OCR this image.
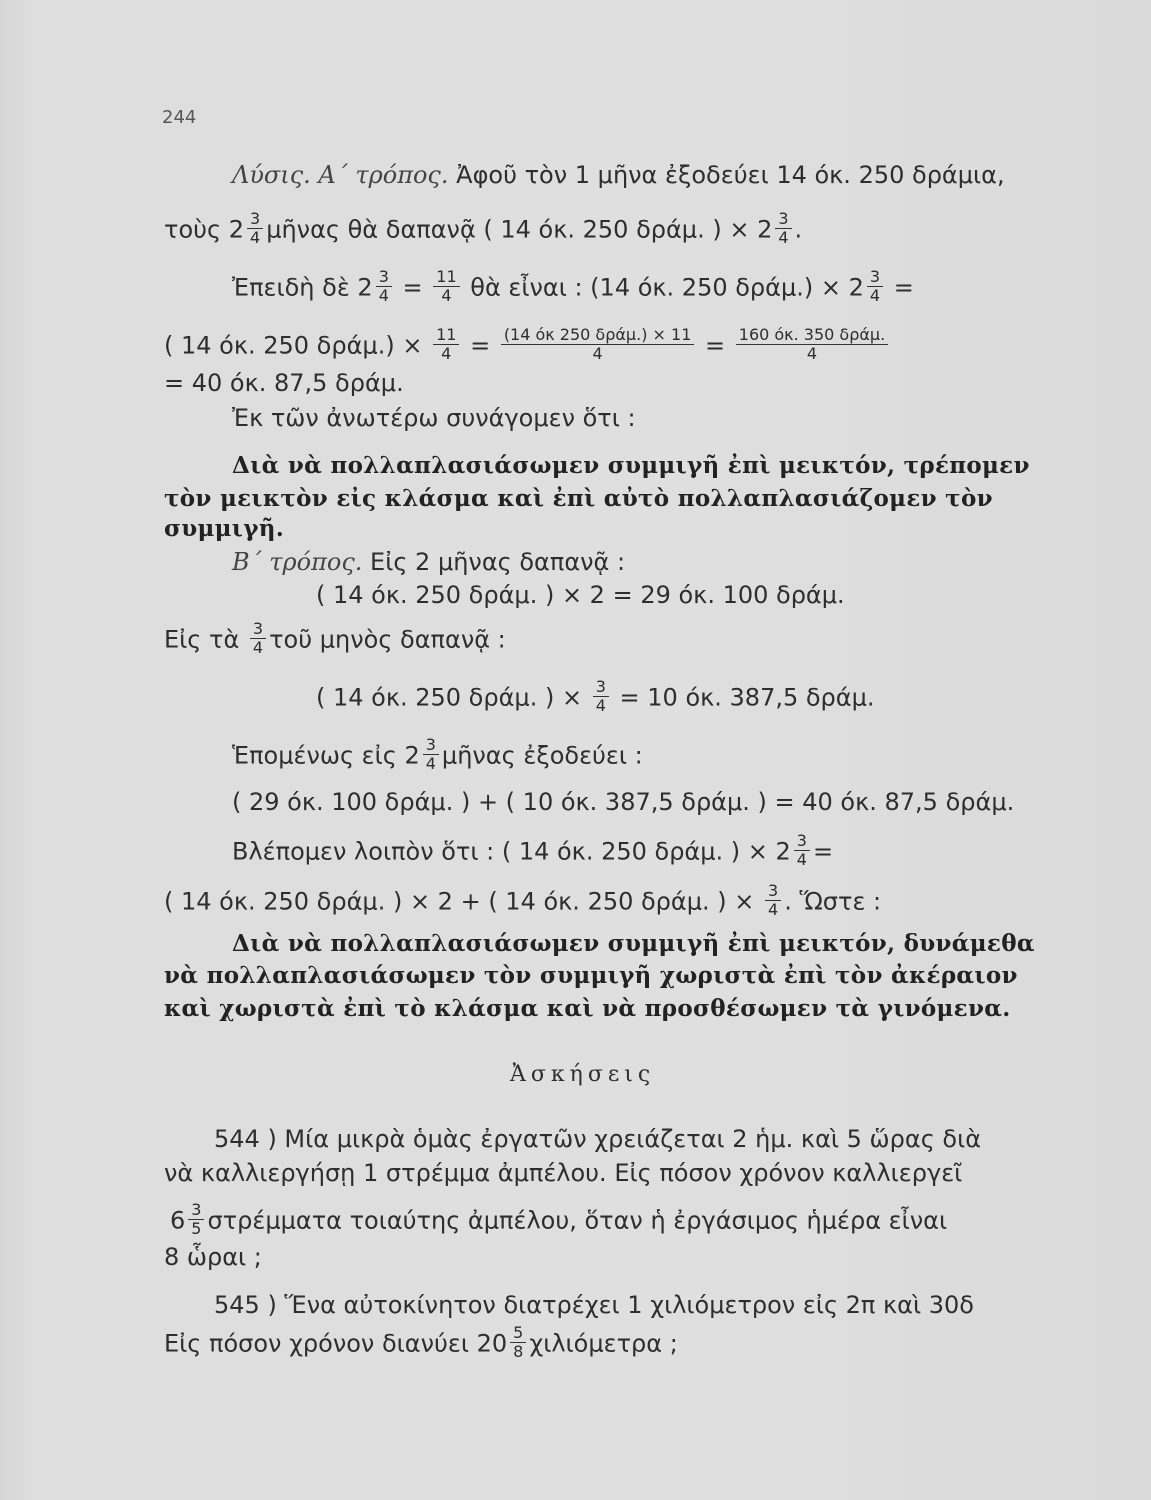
244
Λύσις. Α΄ τρόπος. Ἀφοῦ τὸν 1 μῆνα ἐξοδεύει 14 όκ. 250 δράμια,
τοὺς $2 \frac{3}{4}$ μῆνας θὰ δαπανᾷ ( 14 όκ. 250 δράμ. ) × $2 \frac{3}{4}$ .
Ἐπειδὴ δὲ $2 \frac{3}{4} = \frac{11}{4}$ θὰ εἶναι : (14 όκ. 250 $\delta\rho ά\mu.) \times 2 \frac{3}{4}$ =
( 14 όκ. 250 $\delta\rho ά\mu.) \times \frac{11}{4} = \frac{\text{(14 όκ 250 δράμ.) × 11}}{4} = \frac{\text{160 όκ. 350 δράμ.}}{4}$
= 40 όκ. 87,5 δράμ.
Ἐκ τῶν ἀνωτέρω συνάγομεν ὅτι :
Διὰ νὰ πολλαπλασιάσωμεν συμμιγῆ ἐπὶ μεικτόν, τρέπομεν
τὸν μεικτὸν εἰς κλάσμα καὶ ἐπὶ αὐτὸ πολλαπλασιάζομεν τὸν
συμμιγῆ.
Β΄ τρόπος. Εἰς 2 μῆνας δαπανᾷ :
( 14 όκ. 250 δράμ. ) × 2 = 29 όκ. 100 δράμ.
Εἰς τὰ $\frac{3}{4}$ τοῦ μηνὸς δαπανᾷ :
( 14 όκ. 250 δράμ. ) × $\frac{3}{4} = 10$ όκ. 387,5 δράμ.
Ἑπομένως εἰς $2 \frac{3}{4}$ μῆνας ἐξοδεύει :
( 29 όκ. 100 δράμ. ) + ( 10 όκ. 387,5 δράμ. ) = 40 όκ. 87,5 δράμ.
Βλέπομεν λοιπὸν ὅτι : ( 14 όκ. 250 δράμ. ) × $2 \frac{3}{4}$ =
( 14 όκ. 250 δράμ. ) × 2 + ( 14 όκ. 250 δράμ. ) × $\frac{3}{4}$ . Ὥστε :
Διὰ νὰ πολλαπλασιάσωμεν συμμιγῆ ἐπὶ μεικτόν, δυνάμεθα
νὰ πολλαπλασιάσωμεν τὸν συμμιγῆ χωριστὰ ἐπὶ τὸν ἀκέραιον
καὶ χωριστὰ ἐπὶ τὸ κλάσμα καὶ νὰ προσθέσωμεν τὰ γινόμενα.
Ἀσκήσεις
544 ) Μία μικρὰ ὁμὰς ἐργατῶν χρειάζεται 2 ἡμ. καὶ 5 ὥρας διὰ
νὰ καλλιεργήσῃ 1 στρέμμα ἀμπέλου. Εἰς πόσον χρόνον καλλιεργεῖ
$6 \frac{3}{5}$ στρέμματα τοιαύτης ἀμπέλου, ὅταν ἡ ἐργάσιμος ἡμέρα εἶναι
8 ὧραι ;
545 ) Ἕνα αὐτοκίνητον διατρέχει 1 χιλιόμετρον εἰς 2π καὶ 30δ
Εἰς πόσον χρόνον διανύει $20 \frac{5}{8}$ χιλιόμετρα ;
